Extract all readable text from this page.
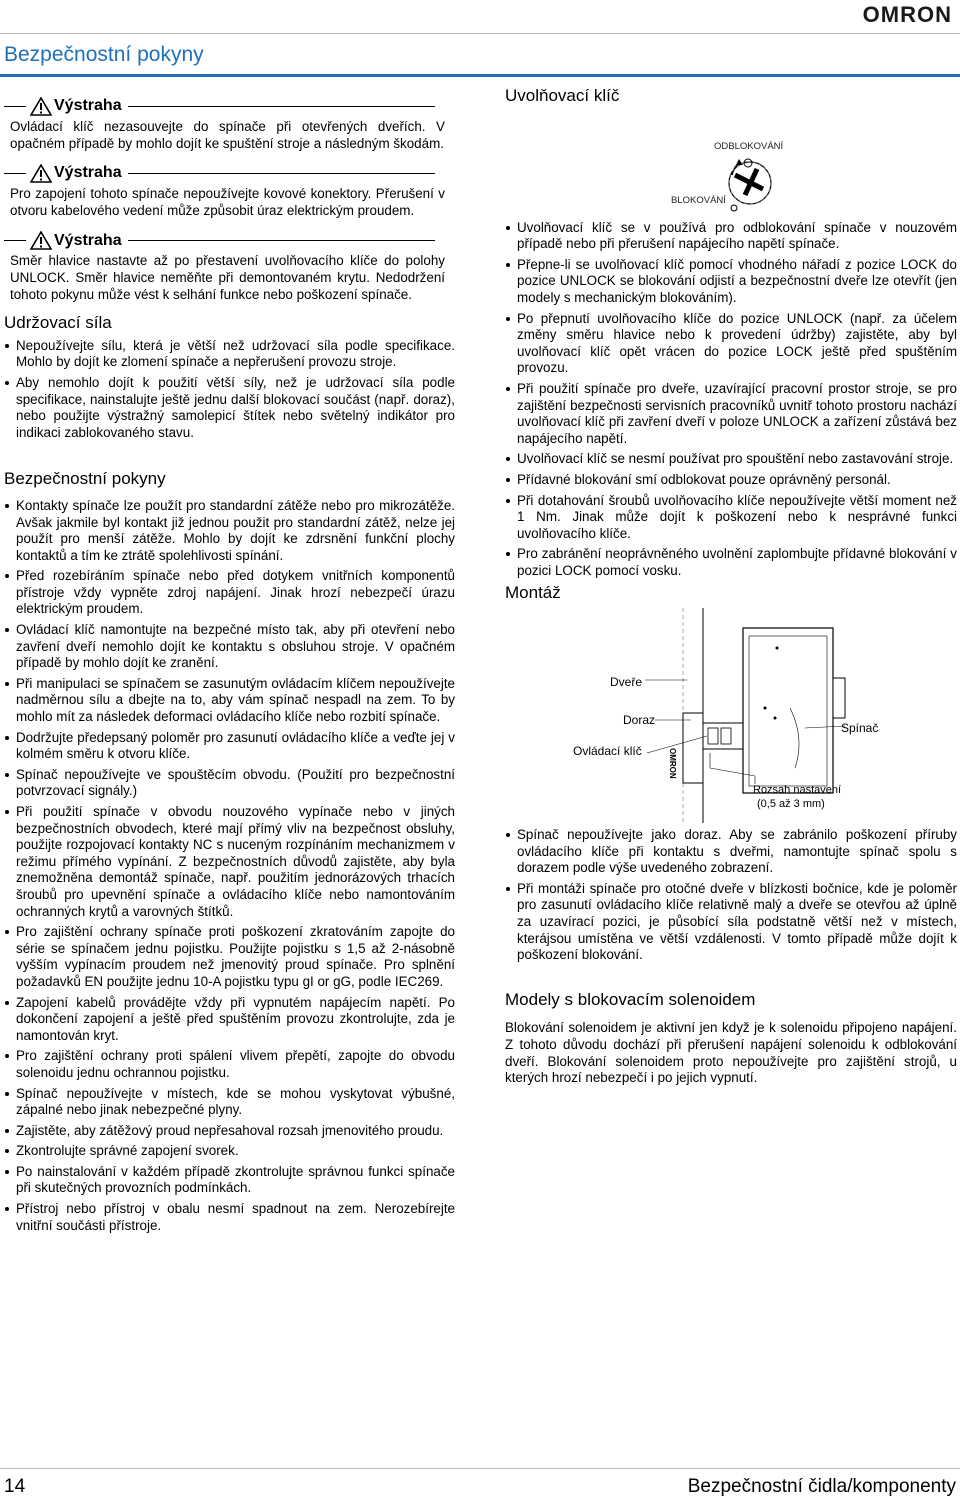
OMRON
Bezpečnostní pokyny
Výstraha

Ovládací klíč nezasouvejte do spínače při otevřených dveřích. V opačném případě by mohlo dojít ke spuštění stroje a následným škodám.

Výstraha

Pro zapojení tohoto spínače nepoužívejte kovové konektory. Přerušení v otvoru kabelového vedení může způsobit úraz elektrickým proudem.

Výstraha

Směr hlavice nastavte až po přestavení uvolňovacího klíče do polohy UNLOCK. Směr hlavice neměňte při demontovaném krytu. Nedodržení tohoto pokynu může vést k selhání funkce nebo poškození spínače.

Udržovací síla
Nepoužívejte sílu, která je větší než udržovací síla podle specifikace. Mohlo by dojít ke zlomení spínače a nepřerušení provozu stroje.
Aby nemohlo dojít k použití větší síly, než je udržovací síla podle specifikace, nainstalujte ještě jednu další blokovací součást (např. doraz), nebo použijte výstražný samolepicí štítek nebo světelný indikátor pro indikaci zablokovaného stavu.
Bezpečnostní pokyny
Kontakty spínače lze použít pro standardní zátěže nebo pro mikrozátěže. Avšak jakmile byl kontakt již jednou použit pro standardní zátěž, nelze jej použít pro menší zátěže. Mohlo by dojít ke zdrsnění funkční plochy kontaktů a tím ke ztrátě spolehlivosti spínání.
Před rozebíráním spínače nebo před dotykem vnitřních komponentů přístroje vždy vypněte zdroj napájení. Jinak hrozí nebezpečí úrazu elektrickým proudem.
Ovládací klíč namontujte na bezpečné místo tak, aby při otevření nebo zavření dveří nemohlo dojít ke kontaktu s obsluhou stroje. V opačném případě by mohlo dojít ke zranění.
Při manipulaci se spínačem se zasunutým ovládacím klíčem nepoužívejte nadměrnou sílu a dbejte na to, aby vám spínač nespadl na zem. To by mohlo mít za následek deformaci ovládacího klíče nebo rozbití spínače.
Dodržujte předepsaný poloměr pro zasunutí ovládacího klíče a veďte jej v kolmém směru k otvoru klíče.
Spínač nepoužívejte ve spouštěcím obvodu. (Použití pro bezpečnostní potvrzovací signály.)
Při použití spínače v obvodu nouzového vypínače nebo v jiných bezpečnostních obvodech, které mají přímý vliv na bezpečnost obsluhy, použijte rozpojovací kontakty NC s nuceným rozpínáním mechanizmem v režimu přímého vypínání. Z bezpečnostních důvodů zajistěte, aby byla znemožněna demontáž spínače, např. použitím jednorázových trhacích šroubů pro upevnění spínače a ovládacího klíče nebo namontováním ochranných krytů a varovných štítků.
Pro zajištění ochrany spínače proti poškození zkratováním zapojte do série se spínačem jednu pojistku. Použijte pojistku s 1,5 až 2-násobně vyšším vypínacím proudem než jmenovitý proud spínače. Pro splnění požadavků EN použijte jednu 10-A pojistku typu gI or gG, podle IEC269.
Zapojení kabelů provádějte vždy při vypnutém napájecím napětí. Po dokončení zapojení a ještě před spuštěním provozu zkontrolujte, zda je namontován kryt.
Pro zajištění ochrany proti spálení vlivem přepětí, zapojte do obvodu solenoidu jednu ochrannou pojistku.
Spínač nepoužívejte v místech, kde se mohou vyskytovat výbušné, zápalné nebo jinak nebezpečné plyny.
Zajistěte, aby zátěžový proud nepřesahoval rozsah jmenovitého proudu.
Zkontrolujte správné zapojení svorek.
Po nainstalování v každém případě zkontrolujte správnou funkci spínače při skutečných provozních podmínkách.
Přístroj nebo přístroj v obalu nesmí spadnout na zem. Nerozebírejte vnitřní součásti přístroje.
Uvolňovací klíč
ODBLOKOVÁNÍ
BLOKOVÁNÍ
Uvolňovací klíč se v používá pro odblokování spínače v nouzovém případě nebo při přerušení napájecího napětí spínače.
Přepne-li se uvolňovací klíč pomocí vhodného nářadí z pozice LOCK do pozice UNLOCK se blokování odjistí a bezpečnostní dveře lze otevřít (jen modely s mechanickým blokováním).
Po přepnutí uvolňovacího klíče do pozice UNLOCK (např. za účelem změny směru hlavice nebo k provedení údržby) zajistěte, aby byl uvolňovací klíč opět vrácen do pozice LOCK ještě před spuštěním provozu.
Při použití spínače pro dveře, uzavírající pracovní prostor stroje, se pro zajištění bezpečnosti servisních pracovníků uvnitř tohoto prostoru nachází uvolňovací klíč při zavření dveří v poloze UNLOCK a zařízení zůstává bez napájecího napětí.
Uvolňovací klíč se nesmí používat pro spouštění nebo zastavování stroje.
Přídavné blokování smí odblokovat pouze oprávněný personál.
Při dotahování šroubů uvolňovacího klíče nepoužívejte větší moment než 1 Nm. Jinak může dojít k poškození nebo k nesprávné funkci uvolňovacího klíče.
Pro zabránění neoprávněného uvolnění zaplombujte přídavné blokování v pozici LOCK pomocí vosku.
Montáž
Dveře
Doraz
Ovládací klíč
Spínač
Rozsah nastavení
(0,5 až 3 mm)
OMRON
Spínač nepoužívejte jako doraz. Aby se zabránilo poškození příruby ovládacího klíče při kontaktu s dveřmi, namontujte spínač spolu s dorazem podle výše uvedeného zobrazení.
Při montáži spínače pro otočné dveře v blízkosti bočnice, kde je poloměr pro zasunutí ovládacího klíče relativně malý a dveře se otevřou až úplně za uzavírací pozici, je působící síla podstatně větší než v místech, kterájsou umístěna ve větší vzdálenosti. V tomto případě může dojít k poškození blokování.
Modely s blokovacím solenoidem

Blokování solenoidem je aktivní jen když je k solenoidu připojeno napájení. Z tohoto důvodu dochází při přerušení napájení solenoidu k odblokování dveří. Blokování solenoidem proto nepoužívejte pro zajištění strojů, u kterých hrozí nebezpečí i po jejich vypnutí.

14	Bezpečnostní čidla/komponenty
